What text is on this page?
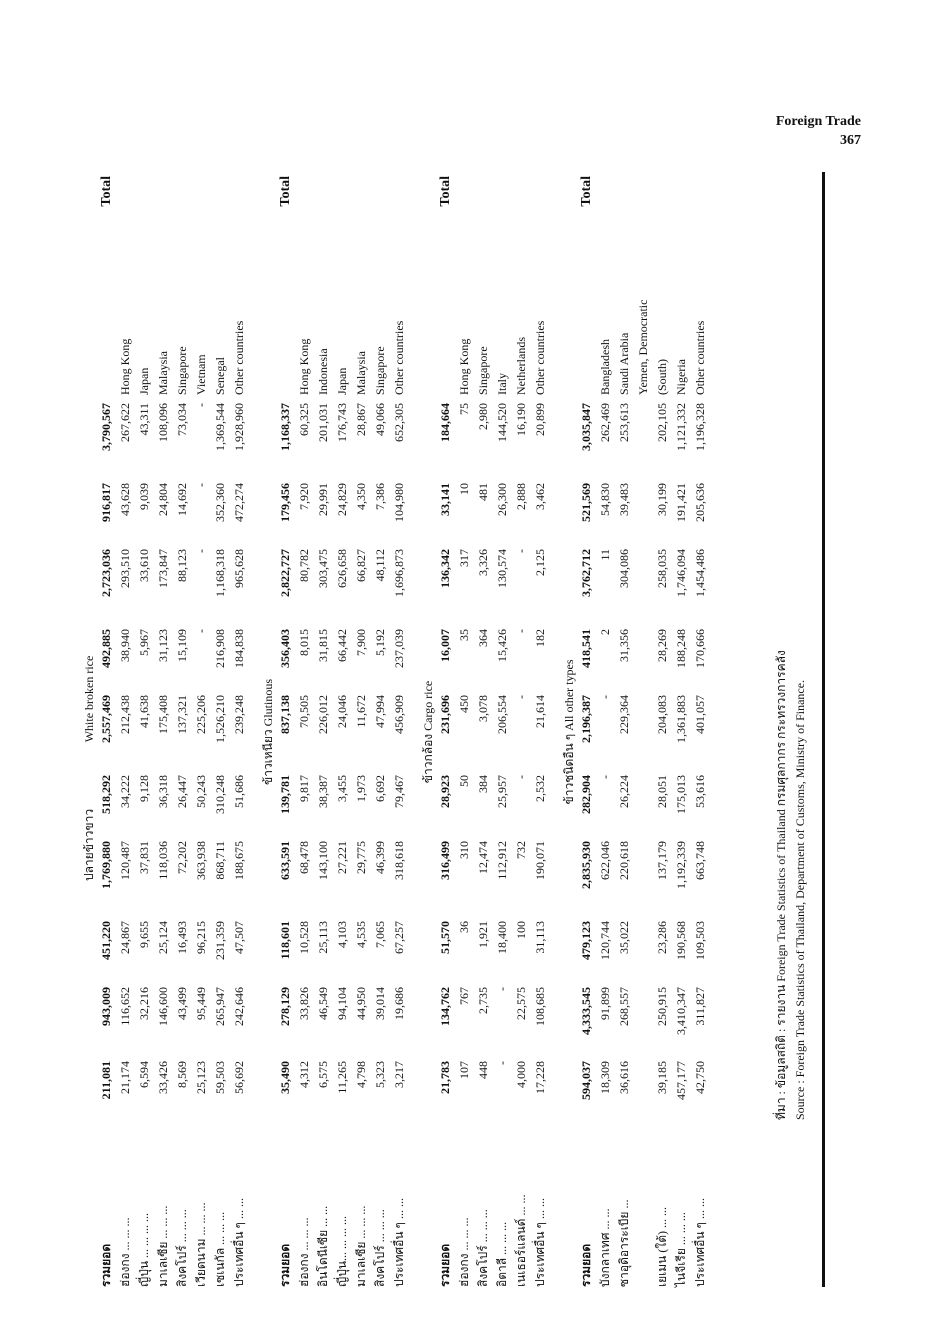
Foreign Trade
367
				ปลายข้าวขาว		White broken rice					
รวมยอด	211,081	943,009	451,220	1,769,880	518,292	2,557,469	492,885	2,723,036	916,817	3,790,567	Total
ฮ่องกง ... ... ...	21,174	116,652	24,867	120,487	34,222	212,438	38,940	293,510	43,628	267,622	Hong Kong
ญี่ปุ่น ... ... ... ...	6,594	32,216	9,655	37,831	9,128	41,638	5,967	33,610	9,039	43,311	Japan
มาเลเซีย ... ... ...	33,426	146,600	25,124	118,036	36,318	175,408	31,123	173,847	24,804	108,096	Malaysia
สิงคโปร์ ... ... ...	8,569	43,499	16,493	72,202	26,447	137,321	15,109	88,123	14,692	73,034	Singapore
เวียดนาม ... ... ...	25,123	95,449	96,215	363,938	50,243	225,206	-	-	-	-	Vietnam
เซเนกัล ... ... ...	59,503	265,947	231,359	868,711	310,248	1,526,210	216,908	1,168,318	352,360	1,369,544	Senegal
ประเทศอื่น ๆ ... ...	56,692	242,646	47,507	188,675	51,686	239,248	184,838	965,628	472,274	1,928,960	Other countries

					ข้าวเหนียว Glutinous						
รวมยอด	35,490	278,129	118,601	633,591	139,781	837,138	356,403	2,822,727	179,456	1,168,337	Total
ฮ่องกง ... ... ...	4,312	33,826	10,528	68,478	9,817	70,505	8,015	80,782	7,920	60,325	Hong Kong
อินโดนีเซีย ... ...	6,575	46,549	25,113	143,100	38,387	226,012	31,815	303,475	29,991	201,031	Indonesia
ญี่ปุ่น... ... ... ...	11,265	94,104	4,103	27,221	3,455	24,046	66,442	626,658	24,829	176,743	Japan
มาเลเซีย ... ... ...	4,798	44,950	4,535	29,775	1,973	11,672	7,900	66,827	4,350	28,867	Malaysia
สิงคโปร์ ... ... ...	5,323	39,014	7,065	46,399	6,692	47,994	5,192	48,112	7,386	49,066	Singapore
ประเทศอื่น ๆ ... ...	3,217	19,686	67,257	318,618	79,467	456,909	237,039	1,696,873	104,980	652,305	Other countries

					ข้าวกล้อง Cargo rice						
รวมยอด	21,783	134,762	51,570	316,499	28,923	231,696	16,007	136,342	33,141	184,664	Total
ฮ่องกง ... ... ...	107	767	36	310	50	450	35	317	10	75	Hong Kong
สิงคโปร์ ... ... ...	448	2,735	1,921	12,474	384	3,078	364	3,326	481	2,980	Singapore
อิตาลี ... ... ...	-	-	18,400	112,912	25,957	206,554	15,426	130,574	26,300	144,520	Italy
เนเธอร์แลนด์ ... ...	4,000	22,575	100	732	-	-	-	-	2,888	16,190	Netherlands
ประเทศอื่น ๆ ... ...	17,228	108,685	31,113	190,071	2,532	21,614	182	2,125	3,462	20,899	Other countries

					ข้าวชนิดอื่น ๆ All other types						
รวมยอด	594,037	4,333,545	479,123	2,835,930	282,904	2,196,387	418,541	3,762,712	521,569	3,035,847	Total
บังกลาเทศ ... ...	18,309	91,899	120,744	622,046	-	-	2	11	54,830	262,469	Bangladesh
ซาอุดิอาระเบีย ...	36,616	268,557	35,022	220,618	26,224	229,364	31,356	304,086	39,483	253,613	Saudi Arabia
											Yemen, Democratic
เยเมน (ใต้) ... ...	39,185	250,915	23,286	137,179	28,051	204,083	28,269	258,035	30,199	202,105	(South)
ไนจีเรีย ... ... ...	457,177	3,410,347	190,568	1,192,339	175,013	1,361,883	188,248	1,746,094	191,421	1,121,332	Nigeria
ประเทศอื่น ๆ ... ...	42,750	311,827	109,503	663,748	53,616	401,057	170,666	1,454,486	205,636	1,196,328	Other countries

ที่มา : ข้อมูลสถิติ : รายงาน Foreign Trade Statistics of Thailand กรมศุลกากร กระทรวงการคลัง Source : Foreign Trade Statistics of Thailand, Department of Customs, Ministry of Finance.
